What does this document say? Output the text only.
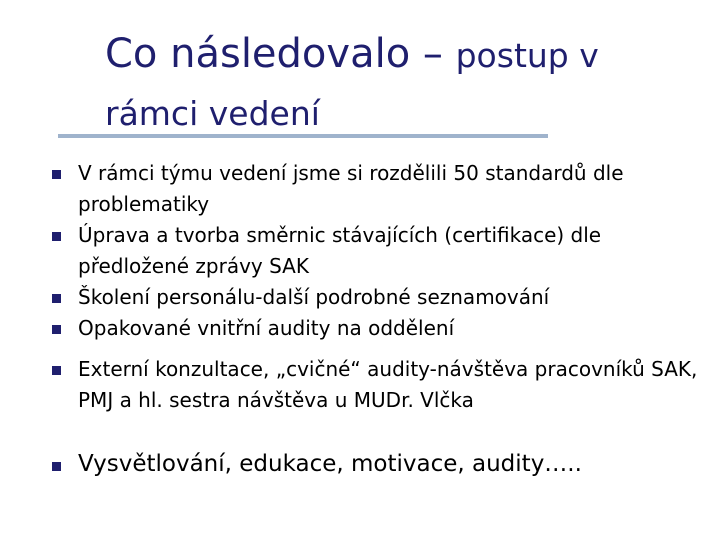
Co následovalo – postup v
rámci vedení
V rámci týmu vedení jsme si rozdělili 50 standardů dle problematiky
Úprava a tvorba směrnic stávajících (certifikace) dle předložené zprávy SAK
Školení personálu-další podrobné seznamování
Opakované vnitřní audity na oddělení
Externí konzultace, „cvičné“ audity-návštěva pracovníků SAK, PMJ a hl. sestra návštěva u MUDr. Vlčka
Vysvětlování, edukace, motivace, audity…..
